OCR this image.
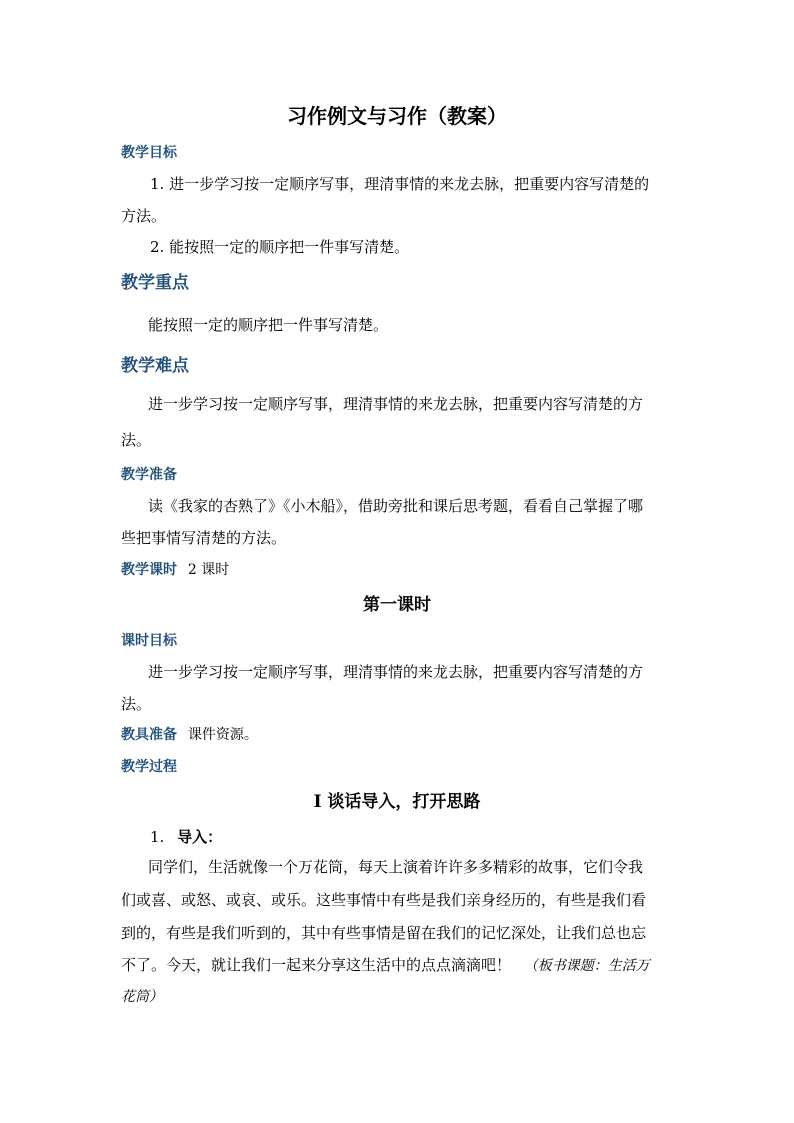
习作例文与习作（教案）
教学目标
1. 进一步学习按一定顺序写事，理清事情的来龙去脉，把重要内容写清楚的
方法。
2. 能按照一定的顺序把一件事写清楚。
教学重点
能按照一定的顺序把一件事写清楚。
教学难点
进一步学习按一定顺序写事，理清事情的来龙去脉，把重要内容写清楚的方
法。
教学准备
读《我家的杏熟了》《小木船》，借助旁批和课后思考题，看看自己掌握了哪
些把事情写清楚的方法。
教学课时 2 课时
第一课时
课时目标
进一步学习按一定顺序写事，理清事情的来龙去脉，把重要内容写清楚的方
法。
教具准备 课件资源。
教学过程
Ⅰ 谈话导入，打开思路
1. 导入：
同学们，生活就像一个万花筒，每天上演着许许多多精彩的故事，它们令我
们或喜、或怒、或哀、或乐。这些事情中有些是我们亲身经历的，有些是我们看
到的，有些是我们听到的，其中有些事情是留在我们的记忆深处，让我们总也忘
不了。今天，就让我们一起来分享这生活中的点点滴滴吧！ （板书课题：生活万
花筒）
